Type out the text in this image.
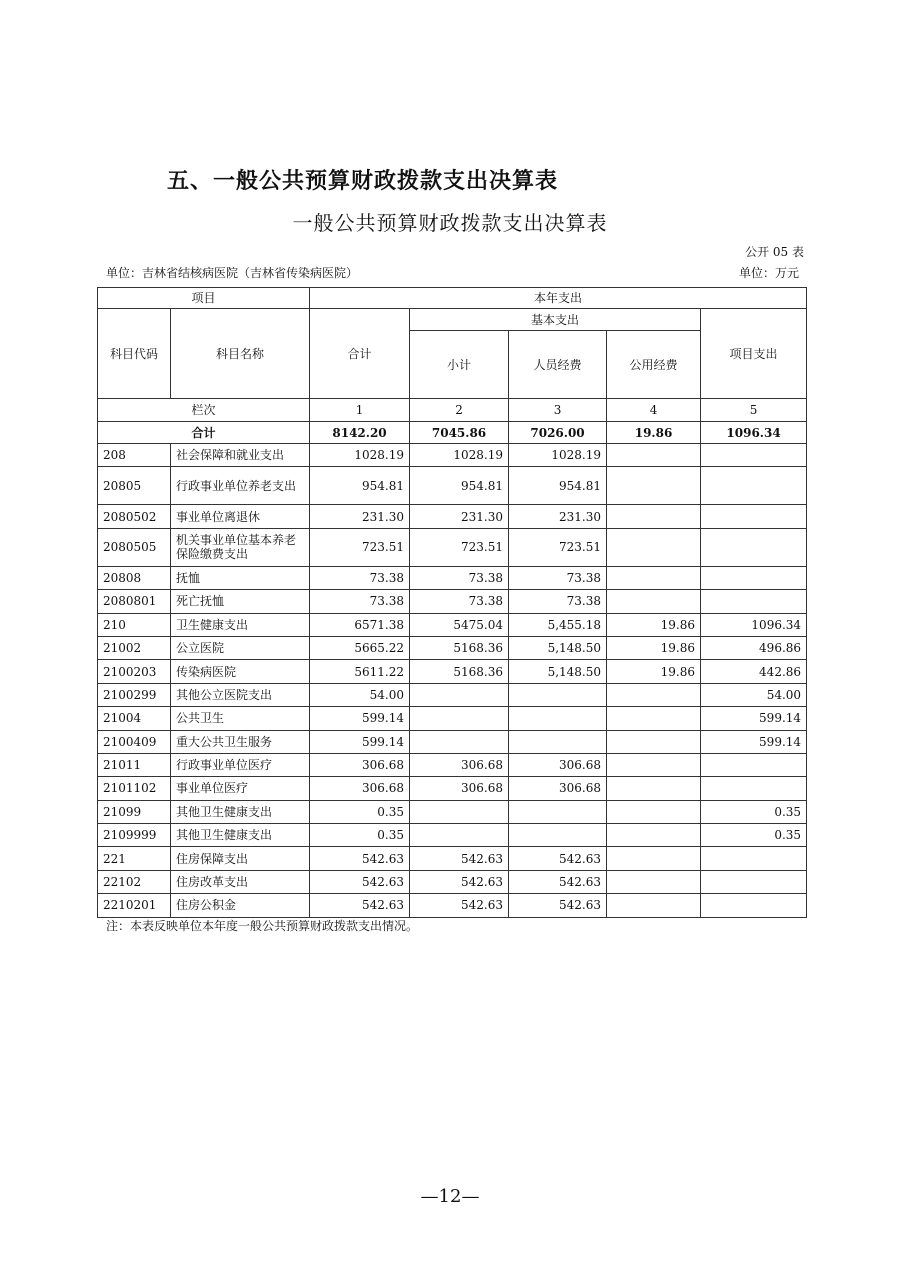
五、一般公共预算财政拨款支出决算表
一般公共预算财政拨款支出决算表
公开 05 表
单位：吉林省结核病医院（吉林省传染病医院）	单位：万元
项目		本年支出				
科目代码	科目名称	合计	基本支出			项目支出
			小计	人员经费	公用经费	
栏次		1	2	3	4	5
合计		8142.20	7045.86	7026.00	19.86	1096.34
208	社会保障和就业支出	1028.19	1028.19	1028.19		
20805	行政事业单位养老支出	954.81	954.81	954.81		
2080502	事业单位离退休	231.30	231.30	231.30		
2080505	机关事业单位基本养老保险缴费支出	723.51	723.51	723.51		
20808	抚恤	73.38	73.38	73.38		
2080801	死亡抚恤	73.38	73.38	73.38		
210	卫生健康支出	6571.38	5475.04	5,455.18	19.86	1096.34
21002	公立医院	5665.22	5168.36	5,148.50	19.86	496.86
2100203	传染病医院	5611.22	5168.36	5,148.50	19.86	442.86
2100299	其他公立医院支出	54.00				54.00
21004	公共卫生	599.14				599.14
2100409	重大公共卫生服务	599.14				599.14
21011	行政事业单位医疗	306.68	306.68	306.68		
2101102	事业单位医疗	306.68	306.68	306.68		
21099	其他卫生健康支出	0.35				0.35
2109999	其他卫生健康支出	0.35				0.35
221	住房保障支出	542.63	542.63	542.63		
22102	住房改革支出	542.63	542.63	542.63		
2210201	住房公积金	542.63	542.63	542.63		
注：本表反映单位本年度一般公共预算财政拨款支出情况。
—12—
